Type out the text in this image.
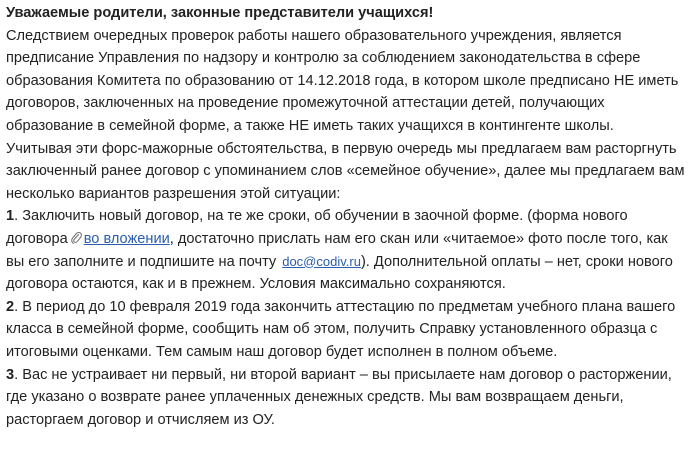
Уважаемые родители, законные представители учащихся!

Следствием очередных проверок работы нашего образовательного учреждения, является предписание Управления по надзору и контролю за соблюдением законодательства в сфере образования Комитета по образованию от 14.12.2018 года, в котором школе предписано НЕ иметь договоров, заключенных на проведение промежуточной аттестации детей, получающих образование в семейной форме, а также НЕ иметь таких учащихся в контингенте школы.

Учитывая эти форс-мажорные обстоятельства, в первую очередь мы предлагаем вам расторгнуть заключенный ранее договор с упоминанием слов «семейное обучение», далее мы предлагаем вам несколько вариантов разрешения этой ситуации:

1. Заключить новый договор, на те же сроки, об обучении в заочной форме. (форма нового договора во вложении, достаточно прислать нам его скан или «читаемое» фото после того, как вы его заполните и подпишите на почту doc@codiv.ru). Дополнительной оплаты – нет, сроки нового договора остаются, как и в прежнем. Условия максимально сохраняются.

2. В период до 10 февраля 2019 года закончить аттестацию по предметам учебного плана вашего класса в семейной форме, сообщить нам об этом, получить Справку установленного образца с итоговыми оценками. Тем самым наш договор будет исполнен в полном объеме.

3. Вас не устраивает ни первый, ни второй вариант – вы присылаете нам договор о расторжении, где указано о возврате ранее уплаченных денежных средств. Мы вам возвращаем деньги, расторгаем договор и отчисляем из ОУ.
